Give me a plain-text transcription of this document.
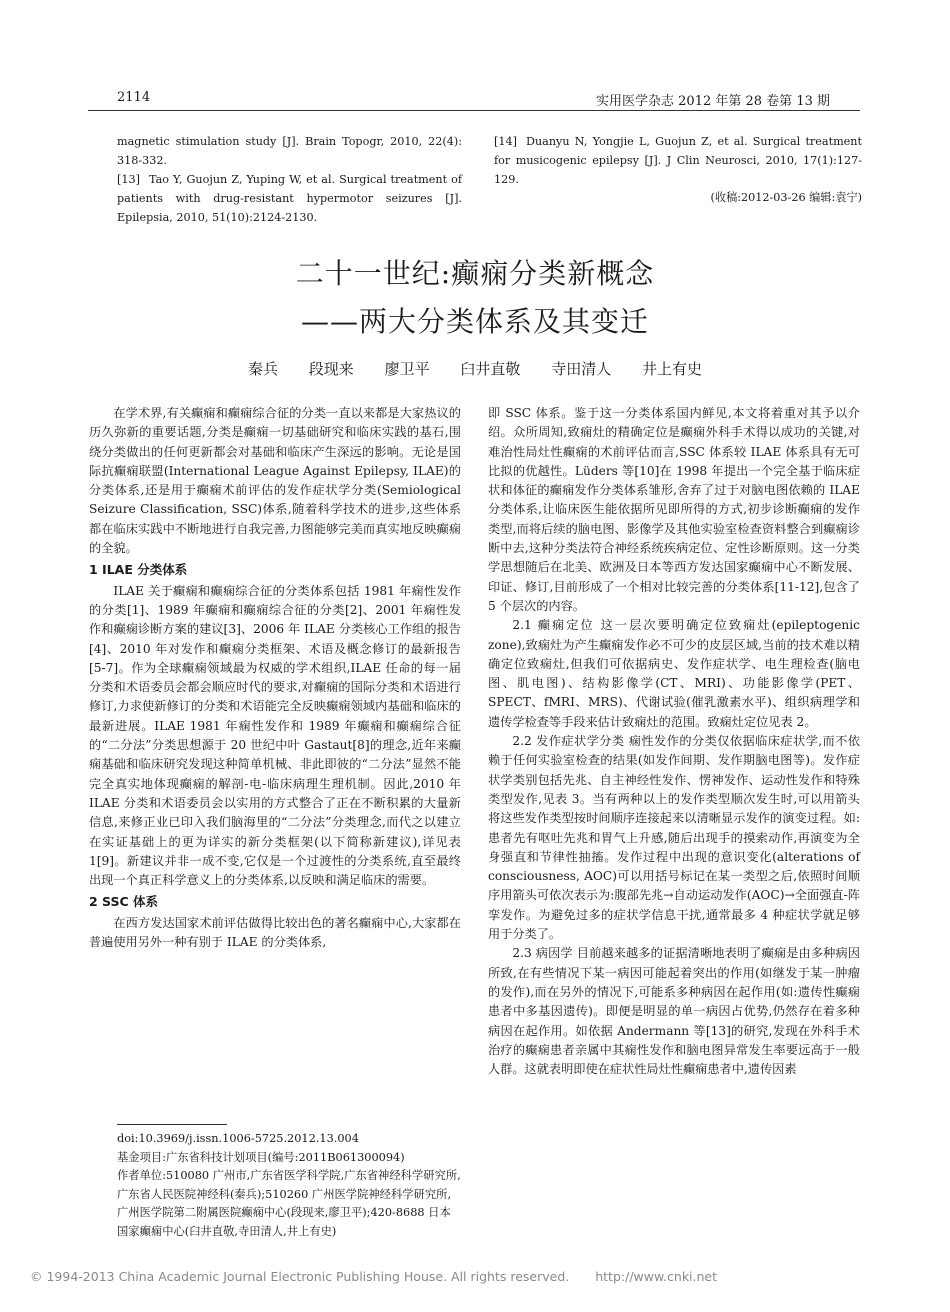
2114	实用医学杂志 2012 年第 28 卷第 13 期
magnetic stimulation study [J]. Brain Topogr, 2010, 22(4): 318-332.
[13] Tao Y, Guojun Z, Yuping W, et al. Surgical treatment of patients with drug-resistant hypermotor seizures [J]. Epilepsia, 2010, 51(10):2124-2130.
[14] Duanyu N, Yongjie L, Guojun Z, et al. Surgical treatment for musicogenic epilepsy [J]. J Clin Neurosci, 2010, 17(1):127-129.
(收稿:2012-03-26 编辑:袁宁)
二十一世纪:癫痫分类新概念
——两大分类体系及其变迁
秦兵 段现来 廖卫平 臼井直敬 寺田清人 井上有史

在学术界,有关癫痫和癫痫综合征的分类一直以来都是大家热议的历久弥新的重要话题,分类是癫痫一切基础研究和临床实践的基石,围绕分类做出的任何更新都会对基础和临床产生深远的影响。无论是国际抗癫痫联盟(International League Against Epilepsy, ILAE)的分类体系,还是用于癫痫术前评估的发作症状学分类(Semiological Seizure Classification, SSC)体系,随着科学技术的进步,这些体系都在临床实践中不断地进行自我完善,力图能够完美而真实地反映癫痫的全貌。

1 ILAE 分类体系

ILAE 关于癫痫和癫痫综合征的分类体系包括 1981 年痫性发作的分类[1]、1989 年癫痫和癫痫综合征的分类[2]、2001 年痫性发作和癫痫诊断方案的建议[3]、2006 年 ILAE 分类核心工作组的报告[4]、2010 年对发作和癫痫分类框架、术语及概念修订的最新报告[5-7]。作为全球癫痫领域最为权威的学术组织,ILAE 任命的每一届分类和术语委员会都会顺应时代的要求,对癫痫的国际分类和术语进行修订,力求使新修订的分类和术语能完全反映癫痫领域内基础和临床的最新进展。ILAE 1981 年痫性发作和 1989 年癫痫和癫痫综合征的“二分法”分类思想源于 20 世纪中叶 Gastaut[8]的理念,近年来癫痫基础和临床研究发现这种简单机械、非此即彼的“二分法”显然不能完全真实地体现癫痫的解剖-电-临床病理生理机制。因此,2010 年 ILAE 分类和术语委员会以实用的方式整合了正在不断积累的大量新信息,来修正业已印入我们脑海里的“二分法”分类理念,而代之以建立在实证基础上的更为详实的新分类框架(以下简称新建议),详见表 1[9]。新建议并非一成不变,它仅是一个过渡性的分类系统,直至最终出现一个真正科学意义上的分类体系,以反映和满足临床的需要。

2 SSC 体系

在西方发达国家术前评估做得比较出色的著名癫痫中心,大家都在普遍使用另外一种有别于 ILAE 的分类体系,

即 SSC 体系。鉴于这一分类体系国内鲜见,本文将着重对其予以介绍。众所周知,致痫灶的精确定位是癫痫外科手术得以成功的关键,对难治性局灶性癫痫的术前评估而言,SSC 体系较 ILAE 体系具有无可比拟的优越性。Lüders 等[10]在 1998 年提出一个完全基于临床症状和体征的癫痫发作分类体系雏形,舍弃了过于对脑电图依赖的 ILAE 分类体系,让临床医生能依据所见即所得的方式,初步诊断癫痫的发作类型,而将后续的脑电图、影像学及其他实验室检查资料整合到癫痫诊断中去,这种分类法符合神经系统疾病定位、定性诊断原则。这一分类学思想随后在北美、欧洲及日本等西方发达国家癫痫中心不断发展、印证、修订,目前形成了一个相对比较完善的分类体系[11-12],包含了 5 个层次的内容。

2.1 癫痫定位 这一层次要明确定位致痫灶(epileptogenic zone),致痫灶为产生癫痫发作必不可少的皮层区域,当前的技术难以精确定位致痫灶,但我们可依据病史、发作症状学、电生理检查(脑电图、肌电图)、结构影像学(CT、MRI)、功能影像学(PET、SPECT、fMRI、MRS)、代谢试验(催乳激素水平)、组织病理学和遗传学检查等手段来估计致痫灶的范围。致痫灶定位见表 2。

2.2 发作症状学分类 痫性发作的分类仅依据临床症状学,而不依赖于任何实验室检查的结果(如发作间期、发作期脑电图等)。发作症状学类别包括先兆、自主神经性发作、愣神发作、运动性发作和特殊类型发作,见表 3。当有两种以上的发作类型顺次发生时,可以用箭头将这些发作类型按时间顺序连接起来以清晰显示发作的演变过程。如:患者先有呕吐先兆和胃气上升感,随后出现手的摸索动作,再演变为全身强直和节律性抽搐。发作过程中出现的意识变化(alterations of consciousness, AOC)可以用括号标记在某一类型之后,依照时间顺序用箭头可依次表示为:腹部先兆→自动运动发作(AOC)→全面强直-阵挛发作。为避免过多的症状学信息干扰,通常最多 4 种症状学就足够用于分类了。

2.3 病因学 目前越来越多的证据清晰地表明了癫痫是由多种病因所致,在有些情况下某一病因可能起着突出的作用(如继发于某一肿瘤的发作),而在另外的情况下,可能系多种病因在起作用(如:遗传性癫痫患者中多基因遗传)。即便是明显的单一病因占优势,仍然存在着多种病因在起作用。如依据 Andermann 等[13]的研究,发现在外科手术治疗的癫痫患者亲属中其痫性发作和脑电图异常发生率要远高于一般人群。这就表明即使在症状性局灶性癫痫患者中,遗传因素

doi:10.3969/j.issn.1006-5725.2012.13.004
基金项目:广东省科技计划项目(编号:2011B061300094)
作者单位:510080 广州市,广东省医学科学院,广东省神经科学研究所,广东省人民医院神经科(秦兵);510260 广州医学院神经科学研究所,广州医学院第二附属医院癫痫中心(段现来,廖卫平);420-8688 日本国家癫痫中心(臼井直敬,寺田清人,井上有史)
© 1994-2013 China Academic Journal Electronic Publishing House. All rights reserved. http://www.cnki.net
